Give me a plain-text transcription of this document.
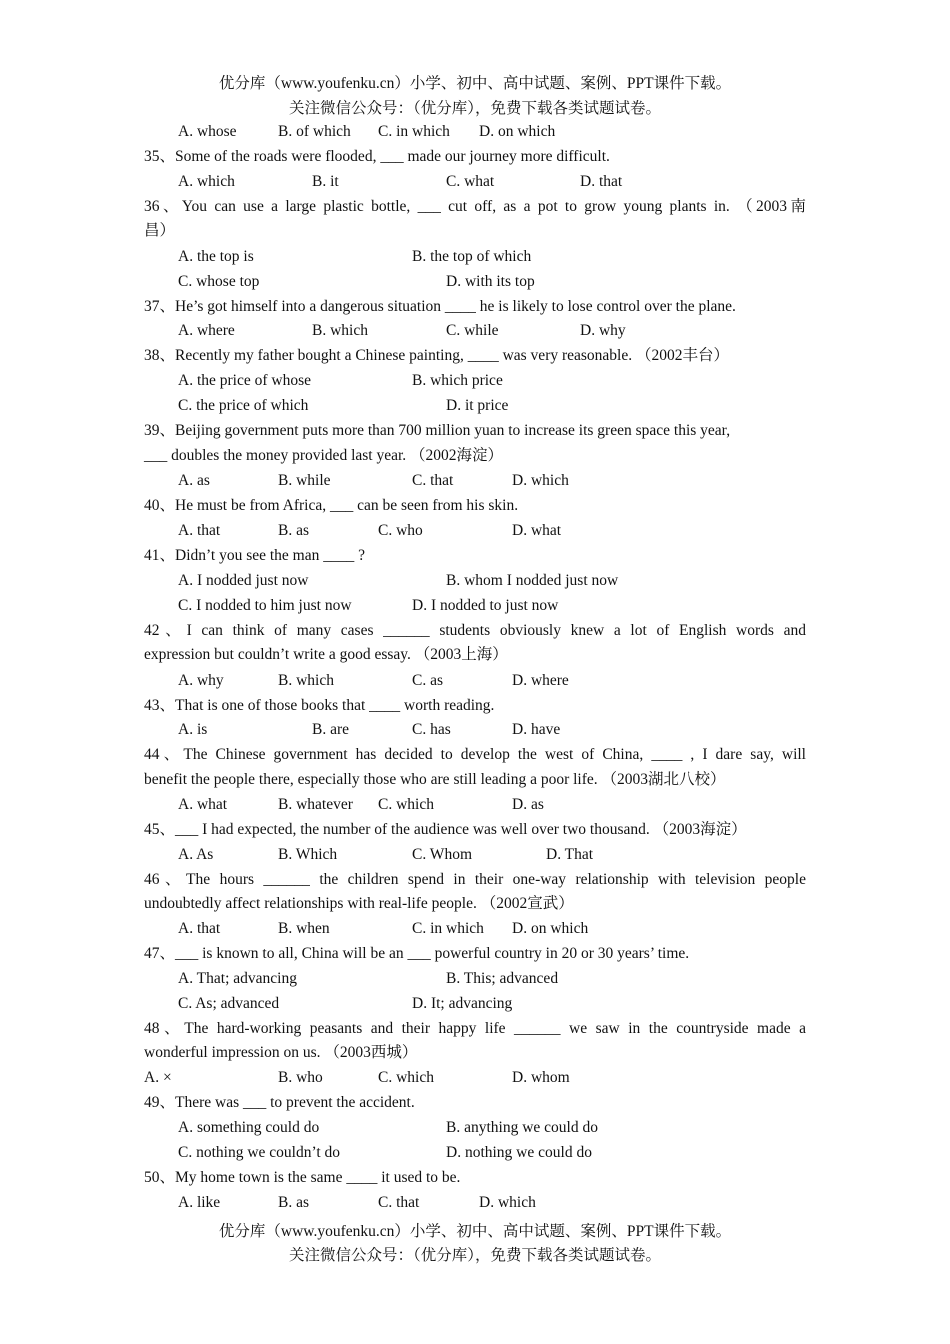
优分库（www.youfenku.cn）小学、初中、高中试题、案例、PPT课件下载。
关注微信公众号：（优分库），免费下载各类试题试卷。
A. whose	B. of which C. in which D. on which
35、Some of the roads were flooded, ___ made our journey more difficult.
A. which	B. it	C. what	D. that
36、You can use a large plastic bottle, ___ cut off, as a pot to grow young plants in. （2003南
昌）
A. the top is	B. the top of which
C. whose top	D. with its top
37、He’s got himself into a dangerous situation ____ he is likely to lose control over the plane.
A. where	B. which	C. while	D. why
38、Recently my father bought a Chinese painting, ____ was very reasonable. （2002丰台）
A. the price of whose	B. which price
C. the price of which	D. it price
39、Beijing government puts more than 700 million yuan to increase its green space this year,
___ doubles the money provided last year. （2002海淀）
A. as	B. while	C. that	D. which
40、He must be from Africa, ___ can be seen from his skin.
A. that	B. as	C. who	D. what
41、Didn’t you see the man ____ ?
A. I nodded just now	B. whom I nodded just now
C. I nodded to him just now	D. I nodded to just now
42、I can think of many cases ______ students obviously knew a lot of English words and
expression but couldn’t write a good essay. （2003上海）
A. why	B. which	C. as	D. where
43、That is one of those books that ____ worth reading.
A. is	B. are	C. has	D. have
44、The Chinese government has decided to develop the west of China, ____ , I dare say, will
benefit the people there, especially those who are still leading a poor life. （2003湖北八校）
A. what	B. whatever C. which	D. as
45、___ I had expected, the number of the audience was well over two thousand. （2003海淀）
A. As	B. Which	C. Whom	D. That
46、The hours ______ the children spend in their one-way relationship with television people
undoubtedly affect relationships with real-life people. （2002宣武）
A. that	B. when	C. in which D. on which
47、___ is known to all, China will be an ___ powerful country in 20 or 30 years’ time.
A. That; advancing	B. This; advanced
C. As; advanced	D. It; advancing
48、The hard-working peasants and their happy life ______ we saw in the countryside made a
wonderful impression on us. （2003西城）
A. ×	B. who	C. which	D. whom
49、There was ___ to prevent the accident.
A. something could do	B. anything we could do
C. nothing we couldn’t do	D. nothing we could do
50、My home town is the same ____ it used to be.
A. like	B. as	C. that	D. which
优分库（www.youfenku.cn）小学、初中、高中试题、案例、PPT课件下载。
关注微信公众号：（优分库），免费下载各类试题试卷。
